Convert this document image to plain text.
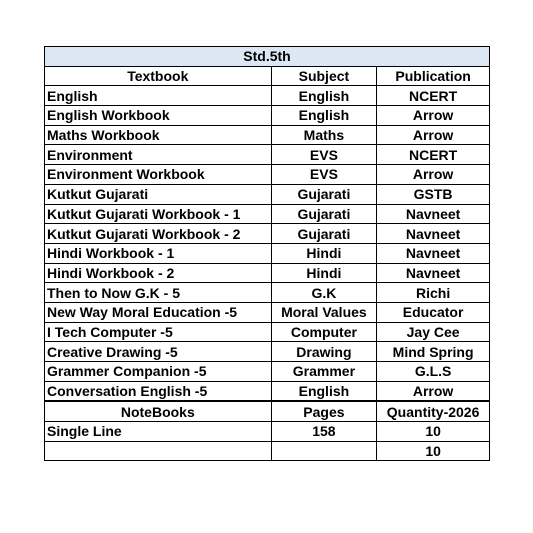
Std.5th		
Textbook	Subject	Publication
English	English	NCERT
English Workbook	English	Arrow
Maths Workbook	Maths	Arrow
Environment	EVS	NCERT
Environment Workbook	EVS	Arrow
Kutkut Gujarati	Gujarati	GSTB
Kutkut Gujarati Workbook - 1	Gujarati	Navneet
Kutkut Gujarati Workbook - 2	Gujarati	Navneet
Hindi Workbook - 1	Hindi	Navneet
Hindi Workbook - 2	Hindi	Navneet
Then to Now G.K - 5	G.K	Richi
New Way Moral Education -5	Moral Values	Educator
I Tech Computer -5	Computer	Jay Cee
Creative Drawing -5	Drawing	Mind Spring
Grammer Companion -5	Grammer	G.L.S
Conversation English -5	English	Arrow
NoteBooks	Pages	Quantity-2026
Single Line	158	10
		10
